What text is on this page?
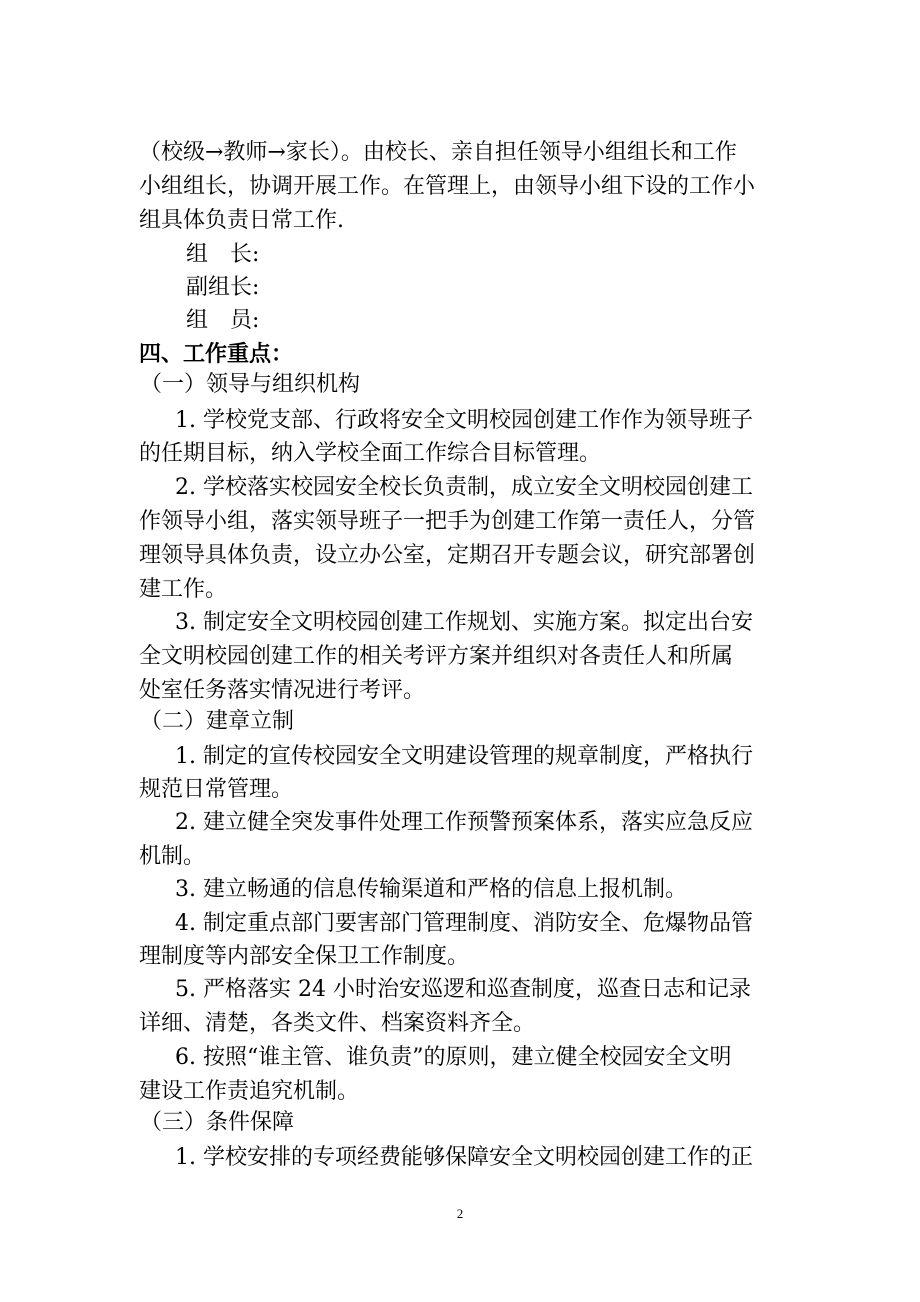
（校级→教师→家长）。由校长、亲自担任领导小组组长和工作
小组组长，协调开展工作。在管理上，由领导小组下设的工作小
组具体负责日常工作.
组　长:
副组长:
组　员:
四、工作重点：
（一）领导与组织机构
1. 学校党支部、行政将安全文明校园创建工作作为领导班子
的任期目标，纳入学校全面工作综合目标管理。
2. 学校落实校园安全校长负责制，成立安全文明校园创建工
作领导小组，落实领导班子一把手为创建工作第一责任人，分管
理领导具体负责，设立办公室，定期召开专题会议，研究部署创
建工作。
3. 制定安全文明校园创建工作规划、实施方案。拟定出台安
全文明校园创建工作的相关考评方案并组织对各责任人和所属
处室任务落实情况进行考评。
（二）建章立制
1. 制定的宣传校园安全文明建设管理的规章制度，严格执行
规范日常管理。
2. 建立健全突发事件处理工作预警预案体系，落实应急反应
机制。
3. 建立畅通的信息传输渠道和严格的信息上报机制。
4. 制定重点部门要害部门管理制度、消防安全、危爆物品管
理制度等内部安全保卫工作制度。
5. 严格落实 24 小时治安巡逻和巡查制度，巡查日志和记录
详细、清楚，各类文件、档案资料齐全。
6. 按照“谁主管、谁负责”的原则，建立健全校园安全文明
建设工作责追究机制。
（三）条件保障
1. 学校安排的专项经费能够保障安全文明校园创建工作的正
2
